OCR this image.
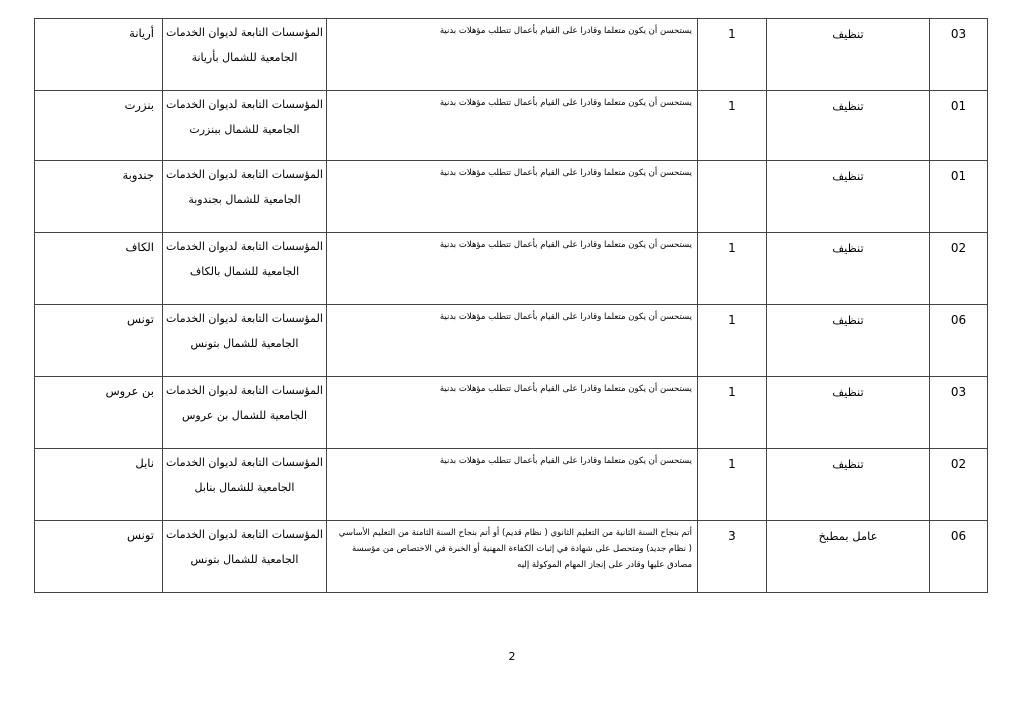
03	تنظيف	1	يستحسن أن يكون متعلما وقادرا على القيام بأعمال تتطلب مؤهلات بدنية	المؤسسات التابعة لديوان الخدمات الجامعية للشمال بأريانة	أريانة
01	تنظيف	1	يستحسن أن يكون متعلما وقادرا على القيام بأعمال تتطلب مؤهلات بدنية	المؤسسات التابعة لديوان الخدمات الجامعية للشمال ببنزرت	بنزرت
01	تنظيف		يستحسن أن يكون متعلما وقادرا على القيام بأعمال تتطلب مؤهلات بدنية	المؤسسات التابعة لديوان الخدمات الجامعية للشمال بجندوبة	جندوبة
02	تنظيف	1	يستحسن أن يكون متعلما وقادرا على القيام بأعمال تتطلب مؤهلات بدنية	المؤسسات التابعة لديوان الخدمات الجامعية للشمال بالكاف	الكاف
06	تنظيف	1	يستحسن أن يكون متعلما وقادرا على القيام بأعمال تتطلب مؤهلات بدنية	المؤسسات التابعة لديوان الخدمات الجامعية للشمال بتونس	تونس
03	تنظيف	1	يستحسن أن يكون متعلما وقادرا على القيام بأعمال تتطلب مؤهلات بدنية	المؤسسات التابعة لديوان الخدمات الجامعية للشمال بن عروس	بن عروس
02	تنظيف	1	يستحسن أن يكون متعلما وقادرا على القيام بأعمال تتطلب مؤهلات بدنية	المؤسسات التابعة لديوان الخدمات الجامعية للشمال بنابل	نابل
06	عامل بمطبخ	3	أتم بنجاح السنة الثانية من التعليم الثانوي ( نظام قديم) أو أتم بنجاح السنة الثامنة من التعليم الأساسي ( نظام جديد) ومتحصل على شهادة في إثبات الكفاءة المهنية أو الخبرة في الاختصاص من مؤسسة مصادق عليها وقادر على إنجاز المهام الموكولة إليه	المؤسسات التابعة لديوان الخدمات الجامعية للشمال بتونس	تونس
2
